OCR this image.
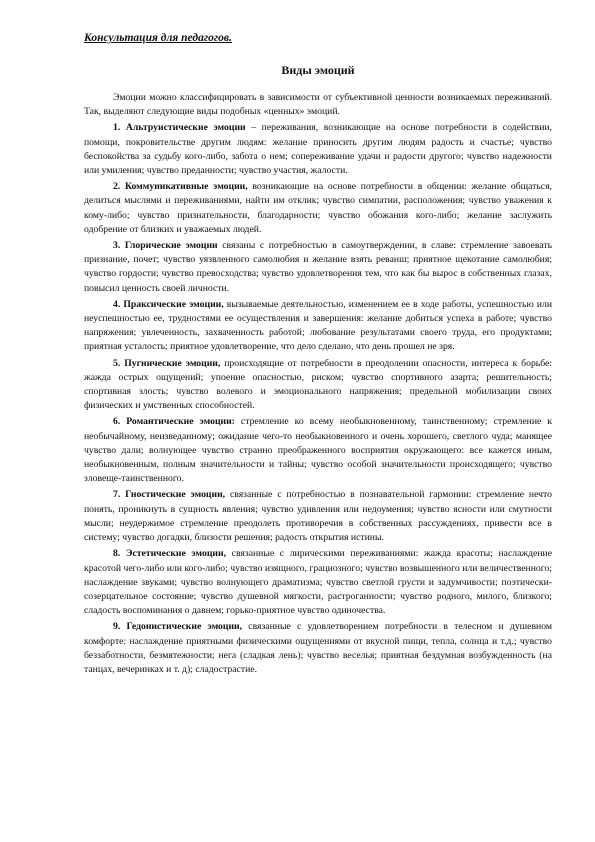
Консультация для педагогов.

Виды эмоций

Эмоции можно классифицировать в зависимости от субъективной ценности возникаемых переживаний. Так, выделяют следующие виды подобных «ценных» эмоций.

1. Альтруистические эмоции – переживания, возникающие на основе потребности в содействии, помощи, покровительстве другим людям: желание приносить другим людям радость и счастье; чувство беспокойства за судьбу кого-либо, забота о нем; сопереживание удачи и радости другого; чувство надежности или умиления; чувство преданности; чувство участия, жалости.

2. Коммуникативные эмоции, возникающие на основе потребности в общении: желание общаться, делиться мыслями и переживаниями, найти им отклик; чувство симпатии, расположения; чувство уважения к кому-либо; чувство признательности, благодарности; чувство обожания кого-либо; желание заслужить одобрение от близких и уважаемых людей.

3. Глорические эмоции связаны с потребностью в самоутверждении, в славе: стремление завоевать признание, почет; чувство уязвленного самолюбия и желание взять реванш; приятное щекотание самолюбия; чувство гордости; чувство превосходства; чувство удовлетворения тем, что как бы вырос в собственных глазах, повысил ценность своей личности.

4. Праксические эмоции, вызываемые деятельностью, изменением ее в ходе работы, успешностью или неуспешностью ее, трудностями ее осуществления и завершения: желание добиться успеха в работе; чувство напряжения; увлеченность, захваченность работой; любование результатами своего труда, его продуктами; приятная усталость; приятное удовлетворение, что дело сделано, что день прошел не зря.

5. Пугнические эмоции, происходящие от потребности в преодолении опасности, интереса к борьбе: жажда острых ощущений; упоение опасностью, риском; чувство спортивного азарта; решительность; спортивная злость; чувство волевого и эмоционального напряжения; предельной мобилизации своих физических и умственных способностей.

6. Романтические эмоции: стремление ко всему необыкновенному, таинственному; стремление к необычайному, неизведанному; ожидание чего-то необыкновенного и очень хорошего, светлого чуда; манящее чувство дали; волнующее чувство странно преображенного восприятия окружающего: все кажется иным, необыкновенным, полным значительности и тайны; чувство особой значительности происходящего; чувство зловеще-таинственного.

7. Гностические эмоции, связанные с потребностью в познавательной гармонии: стремление нечто понять, проникнуть в сущность явления; чувство удивления или недоумения; чувство ясности или смутности мысли; неудержимое стремление преодолеть противоречия в собственных рассуждениях, привести все в систему; чувство догадки, близости решения; радость открытия истины.

8. Эстетические эмоции, связанные с лирическими переживаниями: жажда красоты; наслаждение красотой чего-либо или кого-либо; чувство изящного, грациозного; чувство возвышенного или величественного; наслаждение звуками; чувство волнующего драматизма; чувство светлой грусти и задумчивости; поэтически-созерцательное состояние; чувство душевной мягкости, растроганности; чувство родного, милого, близкого; сладость воспоминания о давнем; горько-приятное чувство одиночества.

9. Гедонистические эмоции, связанные с удовлетворением потребности в телесном и душевном комфорте: наслаждение приятными физическими ощущениями от вкусной пищи, тепла, солнца и т.д.; чувство беззаботности, безмятежности; нега (сладкая лень); чувство веселья; приятная бездумная возбужденность (на танцах, вечеринках и т. д); сладострастие.
